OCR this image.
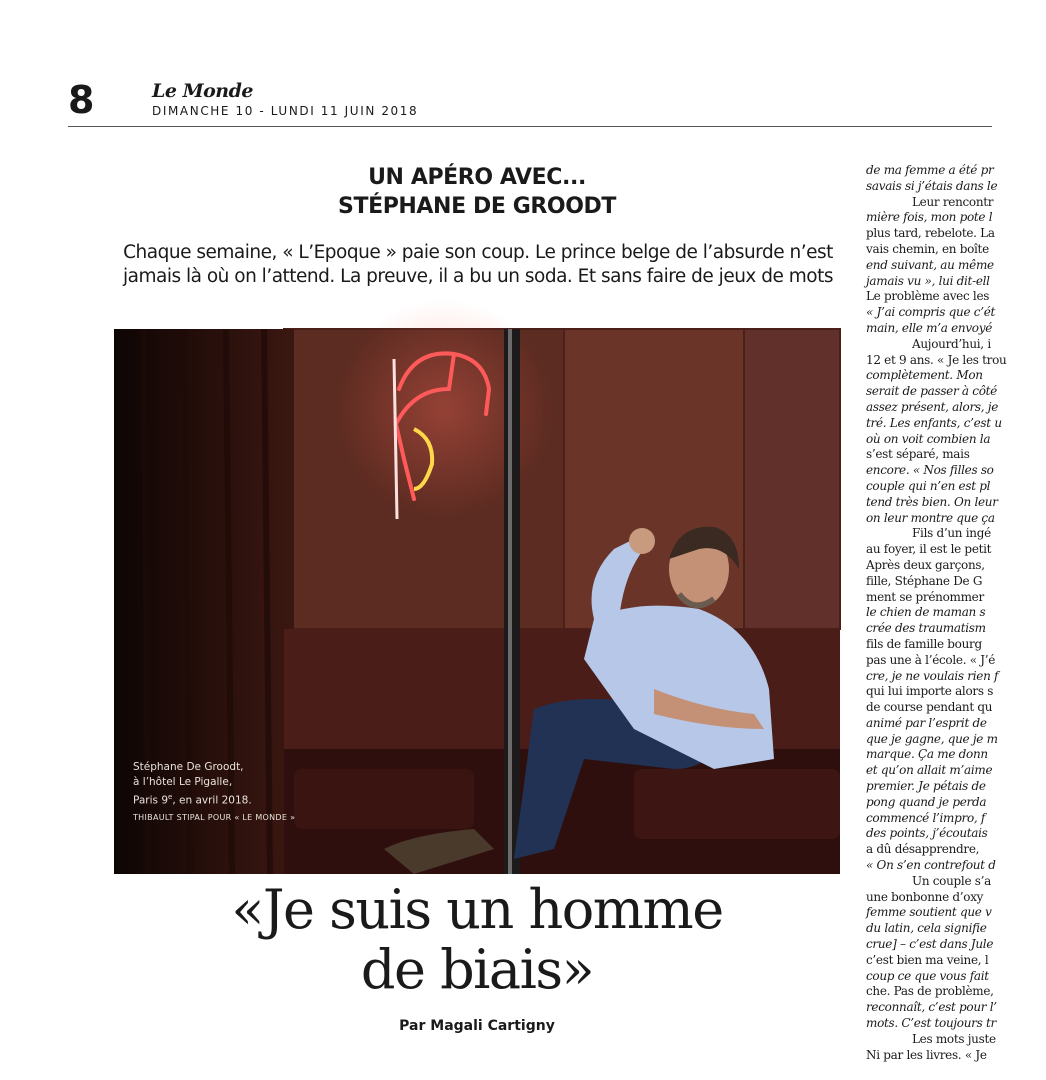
8	Le Monde
DIMANCHE 10 - LUNDI 11 JUIN 2018
UN APÉRO AVEC...
STÉPHANE DE GROODT
Chaque semaine, « L’Epoque » paie son coup. Le prince belge de l’absurde n’est
jamais là où on l’attend. La preuve, il a bu un soda. Et sans faire de jeux de mots
Stéphane De Groodt,
à l’hôtel Le Pigalle,
Paris 9e, en avril 2018.
THIBAULT STIPAL POUR « LE MONDE »
«Je suis un homme
de biais»
Par Magali Cartigny
de ma femme a été pr
savais si j’étais dans le
Leur rencontr
mière fois, mon pote l
plus tard, rebelote. La
vais chemin, en boîte
end suivant, au même
jamais vu », lui dit-ell
Le problème avec les
« J’ai compris que c’ét
main, elle m’a envoyé
Aujourd’hui, i
12 et 9 ans. « Je les trou
complètement. Mon
serait de passer à côté
assez présent, alors, je
tré. Les enfants, c’est u
où on voit combien la
s’est séparé, mais
encore. « Nos filles so
couple qui n’en est pl
tend très bien. On leur
on leur montre que ça
Fils d’un ingé
au foyer, il est le petit
Après deux garçons,
fille, Stéphane De G
ment se prénommer
le chien de maman s
crée des traumatism
fils de famille bourg
pas une à l’école. « J’é
cre, je ne voulais rien f
qui lui importe alors s
de course pendant qu
animé par l’esprit de
que je gagne, que je m
marque. Ça me donn
et qu’on allait m’aime
premier. Je pétais de
pong quand je perda
commencé l’impro, f
des points, j’écoutais
a dû désapprendre,
« On s’en contrefout d
Un couple s’a
une bonbonne d’oxy
femme soutient que v
du latin, cela signifie
crue] – c’est dans Jule
c’est bien ma veine, l
coup ce que vous fait
che. Pas de problème,
reconnaît, c’est pour l’
mots. C’est toujours tr
Les mots juste
Ni par les livres. « Je
